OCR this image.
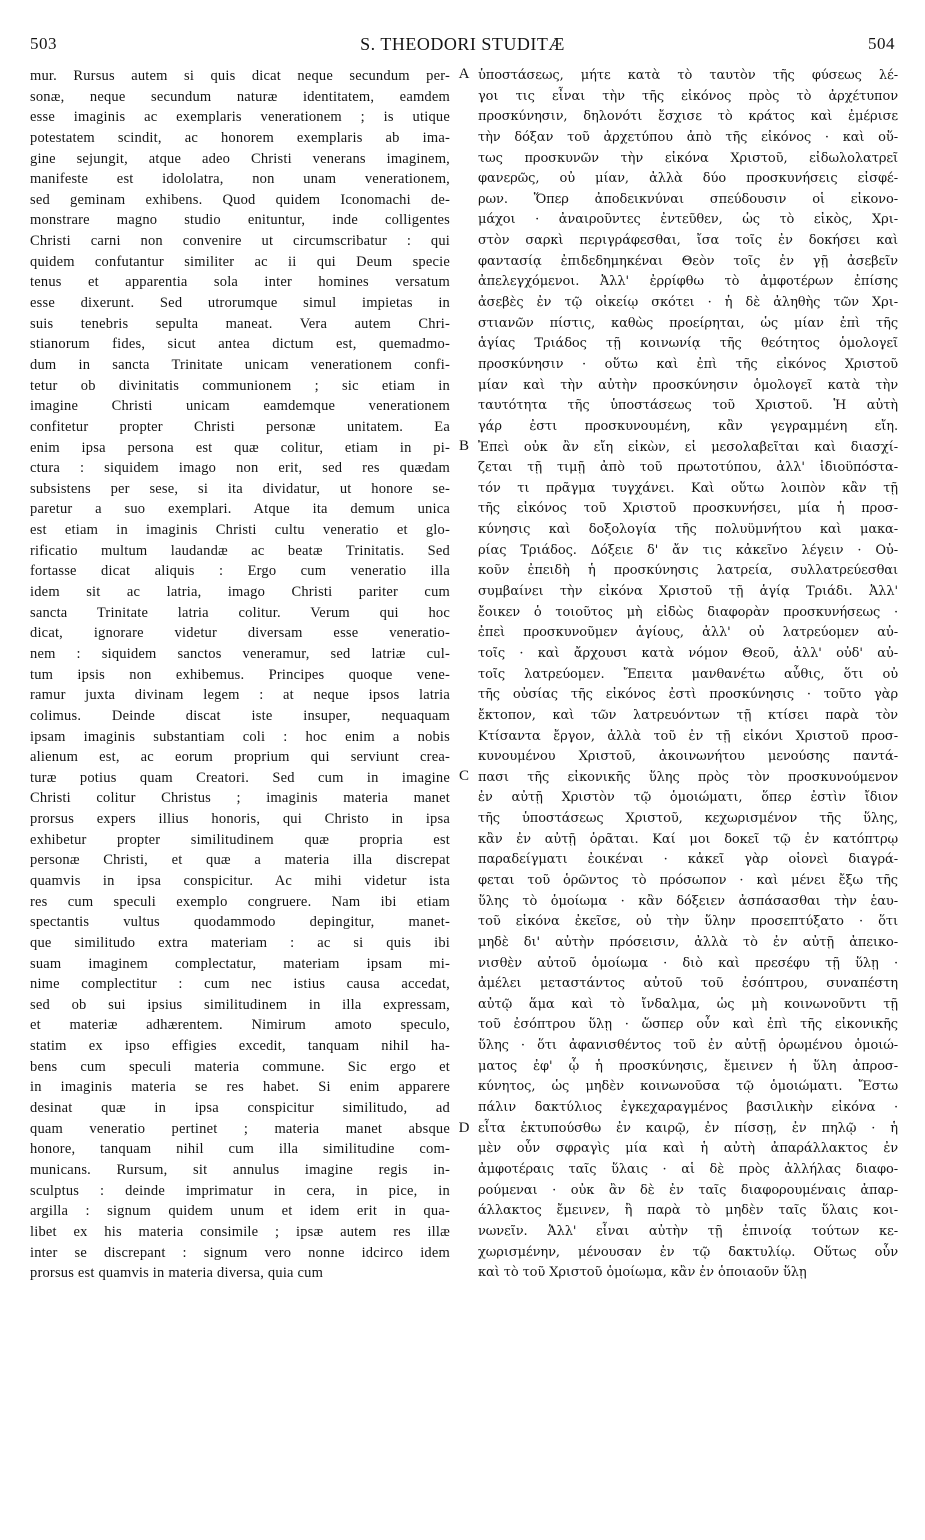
503	S. THEODORI STUDITÆ	504
mur. Rursus autem si quis dicat neque secundum per-
sonæ, neque secundum naturæ identitatem, eamdem
esse imaginis ac exemplaris venerationem ; is utique
potestatem scindit, ac honorem exemplaris ab ima-
gine sejungit, atque adeo Christi venerans imaginem,
manifeste est idololatra, non unam venerationem,
sed geminam exhibens. Quod quidem Iconomachi de-
monstrare magno studio enituntur, inde colligentes
Christi carni non convenire ut circumscribatur : qui
quidem confutantur similiter ac ii qui Deum specie
tenus et apparentia sola inter homines versatum
esse dixerunt. Sed utrorumque simul impietas in
suis tenebris sepulta maneat. Vera autem Chri-
stianorum fides, sicut antea dictum est, quemadmo-
dum in sancta Trinitate unicam venerationem confi-
tetur ob divinitatis communionem ; sic etiam in
imagine Christi unicam eamdemque venerationem
confitetur propter Christi personæ unitatem. Ea
enim ipsa persona est quæ colitur, etiam in pi-
ctura : siquidem imago non erit, sed res quædam
subsistens per sese, si ita dividatur, ut honore se-
paretur a suo exemplari. Atque ita demum unica
est etiam in imaginis Christi cultu veneratio et glo-
rificatio multum laudandæ ac beatæ Trinitatis. Sed
fortasse dicat aliquis : Ergo cum veneratio illa
idem sit ac latria, imago Christi pariter cum
sancta Trinitate latria colitur. Verum qui hoc
dicat, ignorare videtur diversam esse veneratio-
nem : siquidem sanctos veneramur, sed latriæ cul-
tum ipsis non exhibemus. Principes quoque vene-
ramur juxta divinam legem : at neque ipsos latria
colimus. Deinde discat iste insuper, nequaquam
ipsam imaginis substantiam coli : hoc enim a nobis
alienum est, ac eorum proprium qui serviunt crea-
turæ potius quam Creatori. Sed cum in imagine
Christi colitur Christus ; imaginis materia manet
prorsus expers illius honoris, qui Christo in ipsa
exhibetur propter similitudinem quæ propria est
personæ Christi, et quæ a materia illa discrepat
quamvis in ipsa conspicitur. Ac mihi videtur ista
res cum speculi exemplo congruere. Nam ibi etiam
spectantis vultus quodammodo depingitur, manet-
que similitudo extra materiam : ac si quis ibi
suam imaginem complectatur, materiam ipsam mi-
nime complectitur : cum nec istius causa accedat,
sed ob sui ipsius similitudinem in illa expressam,
et materiæ adhærentem. Nimirum amoto speculo,
statim ex ipso effigies excedit, tanquam nihil ha-
bens cum speculi materia commune. Sic ergo et
in imaginis materia se res habet. Si enim apparere
desinat quæ in ipsa conspicitur similitudo, ad
quam veneratio pertinet ; materia manet absque
honore, tanquam nihil cum illa similitudine com-
municans. Rursum, sit annulus imagine regis in-
sculptus : deinde imprimatur in cera, in pice, in
argilla : signum quidem unum et idem erit in qua-
libet ex his materia consimile ; ipsæ autem res illæ
inter se discrepant : signum vero nonne idcirco idem
prorsus est quamvis in materia diversa, quia cum
ὑποστάσεως, μήτε κατὰ τὸ ταυτὸν τῆς φύσεως λέ-
γοι τις εἶναι τὴν τῆς εἰκόνος πρὸς τὸ ἀρχέτυπον
προσκύνησιν, δηλονότι ἔσχισε τὸ κράτος καὶ ἐμέρισε
τὴν δόξαν τοῦ ἀρχετύπου ἀπὸ τῆς εἰκόνος · καὶ οὕ-
τως προσκυνῶν τὴν εἰκόνα Χριστοῦ, εἰδωλολατρεῖ
φανερῶς, οὐ μίαν, ἀλλὰ δύο προσκυνήσεις εἰσφέ-
ρων. Ὅπερ ἀποδεικνύναι σπεύδουσιν οἱ εἰκονο-
μάχοι · ἀναιροῦντες ἐντεῦθεν, ὡς τὸ εἰκὸς, Χρι-
στὸν σαρκὶ περιγράφεσθαι, ἴσα τοῖς ἐν δοκήσει καὶ
φαντασίᾳ ἐπιδεδημηκέναι Θεὸν τοῖς ἐν γῇ ἀσεβεῖν
ἀπελεγχόμενοι. Ἀλλ' ἐρρίφθω τὸ ἀμφοτέρων ἐπίσης
ἀσεβὲς ἐν τῷ οἰκείῳ σκότει · ἡ δὲ ἀληθὴς τῶν Χρι-
στιανῶν πίστις, καθὼς προείρηται, ὡς μίαν ἐπὶ τῆς
ἁγίας Τριάδος τῇ κοινωνίᾳ τῆς θεότητος ὁμολογεῖ
προσκύνησιν · οὕτω καὶ ἐπὶ τῆς εἰκόνος Χριστοῦ
μίαν καὶ τὴν αὐτὴν προσκύνησιν ὁμολογεῖ κατὰ τὴν
ταυτότητα τῆς ὑποστάσεως τοῦ Χριστοῦ. Ἡ αὐτὴ
γάρ ἐστι προσκυνουμένη, κἂν γεγραμμένη εἴη.
Ἐπεὶ οὐκ ἂν εἴη εἰκὼν, εἰ μεσολαβεῖται καὶ διασχί-
ζεται τῇ τιμῇ ἀπὸ τοῦ πρωτοτύπου, ἀλλ' ἰδιοϋπόστα-
τόν τι πρᾶγμα τυγχάνει. Καὶ οὕτω λοιπὸν κἂν τῇ
τῆς εἰκόνος τοῦ Χριστοῦ προσκυνήσει, μία ἡ προσ-
κύνησις καὶ δοξολογία τῆς πολυϋμνήτου καὶ μακα-
ρίας Τριάδος. Δόξειε δ' ἄν τις κἀκεῖνο λέγειν · Οὐ-
κοῦν ἐπειδὴ ἡ προσκύνησις λατρεία, συλλατρεύεσθαι
συμβαίνει τὴν εἰκόνα Χριστοῦ τῇ ἁγίᾳ Τριάδι. Ἀλλ'
ἔοικεν ὁ τοιοῦτος μὴ εἰδὼς διαφορὰν προσκυνήσεως ·
ἐπεὶ προσκυνοῦμεν ἁγίους, ἀλλ' οὐ λατρεύομεν αὐ-
τοῖς · καὶ ἄρχουσι κατὰ νόμον Θεοῦ, ἀλλ' οὐδ' αὐ-
τοῖς λατρεύομεν. Ἔπειτα μανθανέτω αὖθις, ὅτι οὐ
τῆς οὐσίας τῆς εἰκόνος ἐστὶ προσκύνησις · τοῦτο γὰρ
ἔκτοπον, καὶ τῶν λατρευόντων τῇ κτίσει παρὰ τὸν
Κτίσαντα ἔργον, ἀλλὰ τοῦ ἐν τῇ εἰκόνι Χριστοῦ προσ-
κυνουμένου Χριστοῦ, ἀκοινωνήτου μενούσης παντά-
πασι τῆς εἰκονικῆς ὕλης πρὸς τὸν προσκυνούμενον
ἐν αὐτῇ Χριστὸν τῷ ὁμοιώματι, ὅπερ ἐστὶν ἴδιον
τῆς ὑποστάσεως Χριστοῦ, κεχωρισμένον τῆς ὕλης,
κἂν ἐν αὐτῇ ὁρᾶται. Καί μοι δοκεῖ τῷ ἐν κατόπτρῳ
παραδείγματι ἐοικέναι · κἀκεῖ γὰρ οἱονεὶ διαγρά-
φεται τοῦ ὁρῶντος τὸ πρόσωπον · καὶ μένει ἔξω τῆς
ὕλης τὸ ὁμοίωμα · κἂν δόξειεν ἀσπάσασθαι τὴν ἑαυ-
τοῦ εἰκόνα ἐκεῖσε, οὐ τὴν ὕλην προσεπτύξατο · ὅτι
μηδὲ δι' αὐτὴν πρόσεισιν, ἀλλὰ τὸ ἐν αὐτῇ ἀπεικο-
νισθὲν αὐτοῦ ὁμοίωμα · διὸ καὶ πρεσέφυ τῇ ὕλῃ ·
ἀμέλει μεταστάντος αὐτοῦ τοῦ ἐσόπτρου, συναπέστη
αὐτῷ ἅμα καὶ τὸ ἴνδαλμα, ὡς μὴ κοινωνοῦντι τῇ
τοῦ ἐσόπτρου ὕλῃ · ὥσπερ οὖν καὶ ἐπὶ τῆς εἰκονικῆς
ὕλης · ὅτι ἀφανισθέντος τοῦ ἐν αὐτῇ ὁρωμένου ὁμοιώ-
ματος ἐφ' ᾧ ἡ προσκύνησις, ἔμεινεν ἡ ὕλη ἀπροσ-
κύνητος, ὡς μηδὲν κοινωνοῦσα τῷ ὁμοιώματι. Ἔστω
πάλιν δακτύλιος ἐγκεχαραγμένος βασιλικὴν εἰκόνα ·
εἶτα ἐκτυπούσθω ἐν καιρῷ, ἐν πίσσῃ, ἐν πηλῷ · ἡ
μὲν οὖν σφραγὶς μία καὶ ἡ αὐτὴ ἀπαράλλακτος ἐν
ἀμφοτέραις ταῖς ὕλαις · αἱ δὲ πρὸς ἀλλήλας διαφο-
ρούμεναι · οὐκ ἂν δὲ ἐν ταῖς διαφορουμέναις ἀπαρ-
άλλακτος ἔμεινεν, ἢ παρὰ τὸ μηδὲν ταῖς ὕλαις κοι-
νωνεῖν. Ἀλλ' εἶναι αὐτὴν τῇ ἐπινοίᾳ τούτων κε-
χωρισμένην, μένουσαν ἐν τῷ δακτυλίῳ. Οὕτως οὖν
καὶ τὸ τοῦ Χριστοῦ ὁμοίωμα, κἂν ἐν ὁποιαοῦν ὕλῃ
A
B
C
D
